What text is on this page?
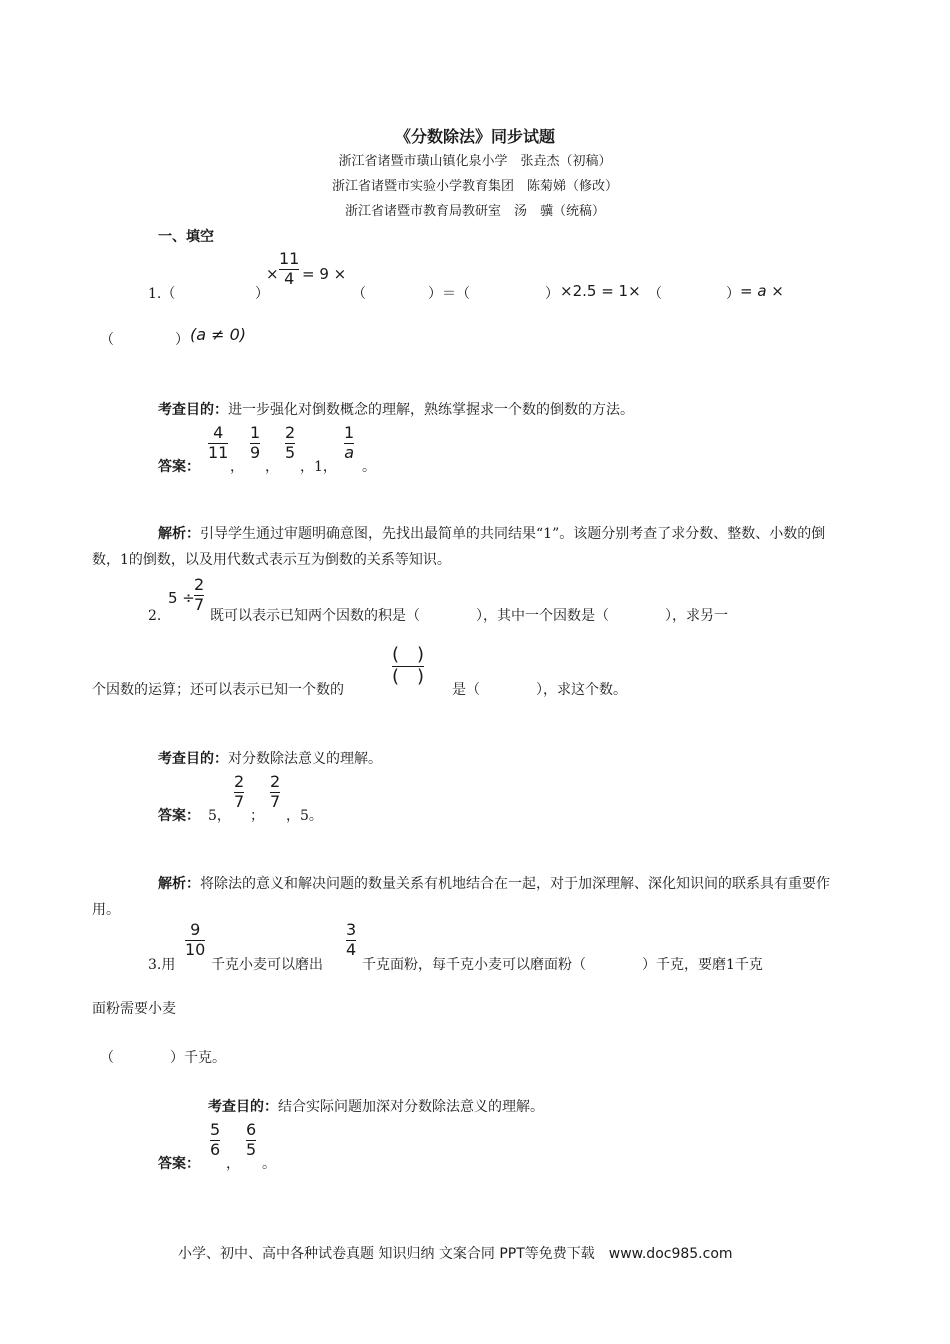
《分数除法》同步试题
浙江省诸暨市璜山镇化泉小学　张垚杰（初稿）
浙江省诸暨市实验小学教育集团　陈菊娣（修改）
浙江省诸暨市教育局教研室　汤　骥（统稿）
一、填空
1.（	）
×
11
4 = 9 ×
（	）＝（	） ×2.5 = 1× （	） = a ×
（	） (a ≠ 0)
考查目的：进一步强化对倒数概念的理解，熟练掌握求一个数的倒数的方法。
答案：
4
11
，
1
9
，
2
5
，1，
1
a
。
解析：引导学生通过审题明确意图，先找出最简单的共同结果“1”。该题分别考查了求分数、整数、小数的倒数，1的倒数，以及用代数式表示互为倒数的关系等知识。
2.
5 ÷
2
7
既可以表示已知两个因数的积是（　　　　），其中一个因数是（　　　　），求另一
个因数的运算；还可以表示已知一个数的
(　)
(　)
是（　　　　），求这个数。
考查目的：对分数除法意义的理解。
答案： 5，
2
7
；
2
7
，5。
解析：将除法的意义和解决问题的数量关系有机地结合在一起，对于加深理解、深化知识间的联系具有重要作用。
3.用
9
10
千克小麦可以磨出
3
4
千克面粉，每千克小麦可以磨面粉（　　　　）千克，要磨1千克
面粉需要小麦
（　　　　）千克。
考查目的：结合实际问题加深对分数除法意义的理解。
答案：
5
6
，
6
5
。
小学、初中、高中各种试卷真题 知识归纳 文案合同 PPT等免费下载　www.doc985.com
